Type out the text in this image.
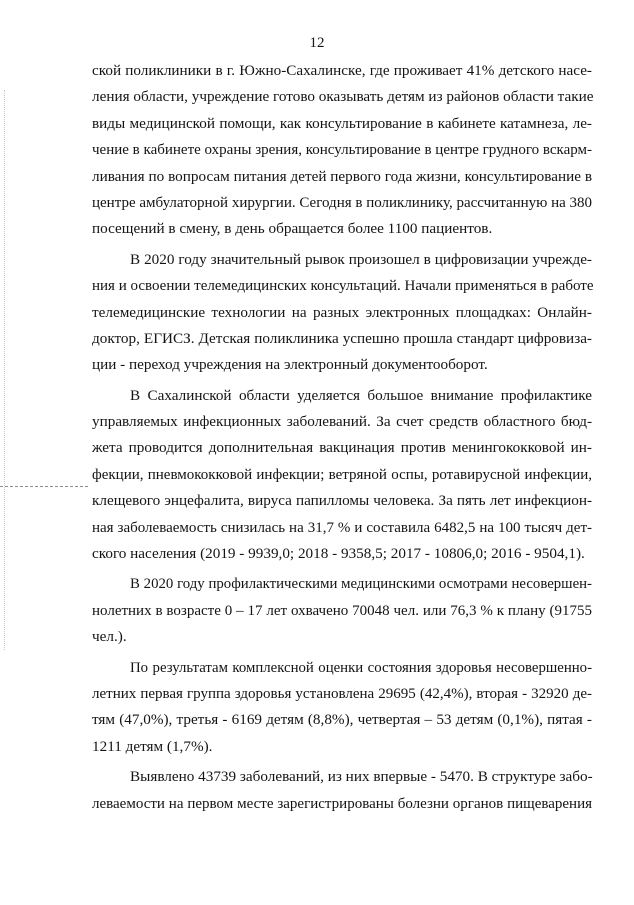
12
ской поликлиники в г. Южно-Сахалинске, где проживает 41% детского насе-
ления области, учреждение готово оказывать детям из районов области такие
виды медицинской помощи, как консультирование в кабинете катамнеза, ле-
чение в кабинете охраны зрения, консультирование в центре грудного вскарм-
ливания по вопросам питания детей первого года жизни, консультирование в
центре амбулаторной хирургии. Сегодня в поликлинику, рассчитанную на 380
посещений в смену, в день обращается более 1100 пациентов.
В 2020 году значительный рывок произошел в цифровизации учрежде-
ния и освоении телемедицинских консультаций. Начали применяться в работе
телемедицинские технологии на разных электронных площадках: Онлайн-
доктор, ЕГИСЗ. Детская поликлиника успешно прошла стандарт цифровиза-
ции - переход учреждения на электронный документооборот.
В Сахалинской области уделяется большое внимание профилактике
управляемых инфекционных заболеваний. За счет средств областного бюд-
жета проводится дополнительная вакцинация против менингококковой ин-
фекции, пневмококковой инфекции; ветряной оспы, ротавирусной инфекции,
клещевого энцефалита, вируса папилломы человека. За пять лет инфекцион-
ная заболеваемость снизилась на 31,7 % и составила 6482,5 на 100 тысяч дет-
ского населения (2019 - 9939,0; 2018 - 9358,5; 2017 - 10806,0; 2016 - 9504,1).
В 2020 году профилактическими медицинскими осмотрами несовершен-
нолетних в возрасте 0 – 17 лет охвачено 70048 чел. или 76,3 % к плану (91755
чел.).
По результатам комплексной оценки состояния здоровья несовершенно-
летних первая группа здоровья установлена 29695 (42,4%), вторая - 32920 де-
тям (47,0%), третья - 6169 детям (8,8%), четвертая – 53 детям (0,1%), пятая -
1211 детям (1,7%).
Выявлено 43739 заболеваний, из них впервые - 5470. В структуре забо-
леваемости на первом месте зарегистрированы болезни органов пищеварения
